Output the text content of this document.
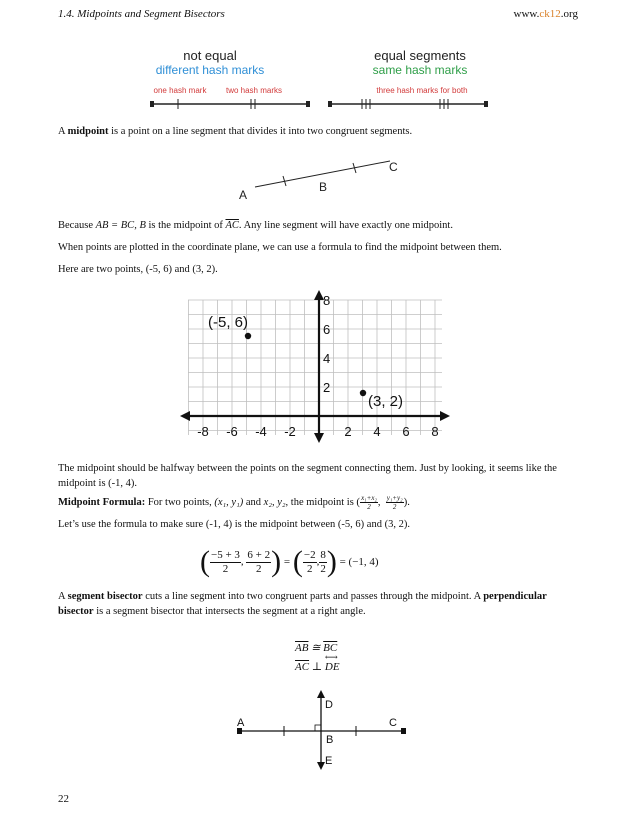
1.4. Midpoints and Segment Bisectors	www.ck12.org
not equal
different hash marks
equal segments
same hash marks
one hash mark two hash marks	three hash marks for both
A midpoint is a point on a line segment that divides it into two congruent segments.
A
B
C
Because AB = BC, B is the midpoint of $\overline{AC}$. Any line segment will have exactly one midpoint.
When points are plotted in the coordinate plane, we can use a formula to find the midpoint between them.
Here are two points, (-5, 6) and (3, 2).
-8 -6 -4 -2	2 4 6 8
8
6
4
2
(-5, 6)
(3, 2)
The midpoint should be halfway between the points on the segment connecting them. Just by looking, it seems like the midpoint is (-1, 4).
Midpoint Formula: For two points, (x₁, y₁) and x₂, y₂, the midpoint is ( $\frac{\text{x₁+x₂}}{2}$ , $\frac{\text{y₁+y₂}}{2}$ ).
Let’s use the formula to make sure (-1, 4) is the midpoint between (-5, 6) and (3, 2).
( $\frac{-5 + 3}{2}$ , $\frac{6 + 2}{2}$ ) = ( $\frac{-2}{2}$ , $\frac{8}{2}$ ) = (−1, 4)
A segment bisector cuts a line segment into two congruent parts and passes through the midpoint. A perpendicular bisector is a segment bisector that intersects the segment at a right angle.
$\overline{AB}$ ≅ $\overline{BC}$
$\overline{AC}$ ⊥
⟷
DE
A
B
C
D
E
22
